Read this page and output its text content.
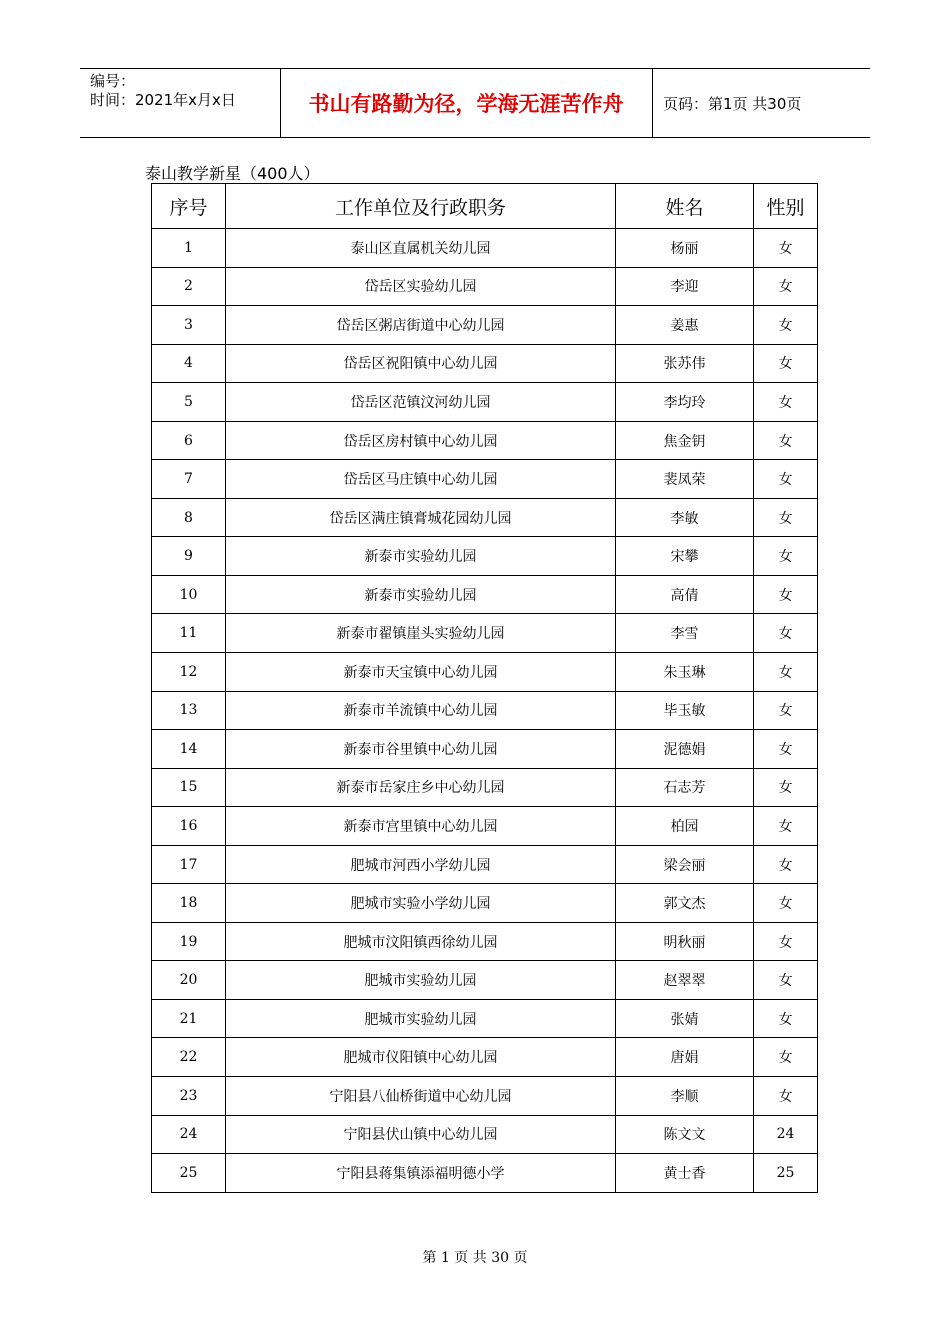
编号：
时间：2021年x月x日	书山有路勤为径，学海无涯苦作舟	页码：第1页 共30页
泰山教学新星（400人）
序号	工作单位及行政职务	姓名	性别
1	泰山区直属机关幼儿园	杨丽	女
2	岱岳区实验幼儿园	李迎	女
3	岱岳区粥店街道中心幼儿园	姜惠	女
4	岱岳区祝阳镇中心幼儿园	张苏伟	女
5	岱岳区范镇汶河幼儿园	李均玲	女
6	岱岳区房村镇中心幼儿园	焦金钥	女
7	岱岳区马庄镇中心幼儿园	裴凤荣	女
8	岱岳区满庄镇膏城花园幼儿园	李敏	女
9	新泰市实验幼儿园	宋攀	女
10	新泰市实验幼儿园	高倩	女
11	新泰市翟镇崖头实验幼儿园	李雪	女
12	新泰市天宝镇中心幼儿园	朱玉琳	女
13	新泰市羊流镇中心幼儿园	毕玉敏	女
14	新泰市谷里镇中心幼儿园	泥德娟	女
15	新泰市岳家庄乡中心幼儿园	石志芳	女
16	新泰市宫里镇中心幼儿园	柏园	女
17	肥城市河西小学幼儿园	梁会丽	女
18	肥城市实验小学幼儿园	郭文杰	女
19	肥城市汶阳镇西徐幼儿园	明秋丽	女
20	肥城市实验幼儿园	赵翠翠	女
21	肥城市实验幼儿园	张婧	女
22	肥城市仪阳镇中心幼儿园	唐娟	女
23	宁阳县八仙桥街道中心幼儿园	李顺	女
24	宁阳县伏山镇中心幼儿园	陈文文	24
25	宁阳县蒋集镇添福明德小学	黄士香	25
第 1 页 共 30 页
